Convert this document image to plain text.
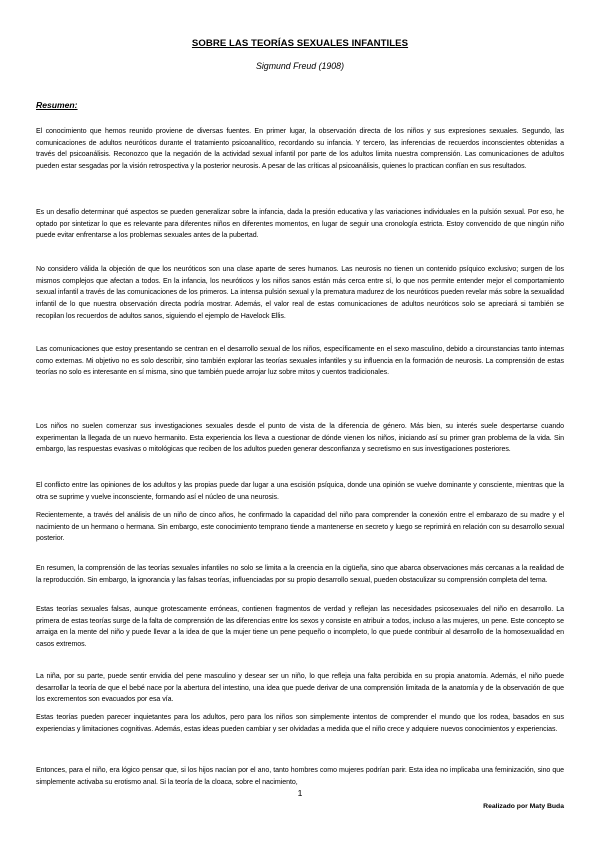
SOBRE LAS TEORÍAS SEXUALES INFANTILES
Sigmund Freud (1908)
Resumen:

El conocimiento que hemos reunido proviene de diversas fuentes. En primer lugar, la observación directa de los niños y sus expresiones sexuales. Segundo, las comunicaciones de adultos neuróticos durante el tratamiento psicoanalítico, recordando su infancia. Y tercero, las inferencias de recuerdos inconscientes obtenidas a través del psicoanálisis. Reconozco que la negación de la actividad sexual infantil por parte de los adultos limita nuestra comprensión. Las comunicaciones de adultos pueden estar sesgadas por la visión retrospectiva y la posterior neurosis. A pesar de las críticas al psicoanálisis, quienes lo practican confían en sus resultados.

Es un desafío determinar qué aspectos se pueden generalizar sobre la infancia, dada la presión educativa y las variaciones individuales en la pulsión sexual. Por eso, he optado por sintetizar lo que es relevante para diferentes niños en diferentes momentos, en lugar de seguir una cronología estricta. Estoy convencido de que ningún niño puede evitar enfrentarse a los problemas sexuales antes de la pubertad.

No considero válida la objeción de que los neuróticos son una clase aparte de seres humanos. Las neurosis no tienen un contenido psíquico exclusivo; surgen de los mismos complejos que afectan a todos. En la infancia, los neuróticos y los niños sanos están más cerca entre sí, lo que nos permite entender mejor el comportamiento sexual infantil a través de las comunicaciones de los primeros. La intensa pulsión sexual y la prematura madurez de los neuróticos pueden revelar más sobre la sexualidad infantil de lo que nuestra observación directa podría mostrar. Además, el valor real de estas comunicaciones de adultos neuróticos solo se apreciará si también se recopilan los recuerdos de adultos sanos, siguiendo el ejemplo de Havelock Ellis.

Las comunicaciones que estoy presentando se centran en el desarrollo sexual de los niños, específicamente en el sexo masculino, debido a circunstancias tanto internas como externas. Mi objetivo no es solo describir, sino también explorar las teorías sexuales infantiles y su influencia en la formación de neurosis. La comprensión de estas teorías no solo es interesante en sí misma, sino que también puede arrojar luz sobre mitos y cuentos tradicionales.

Los niños no suelen comenzar sus investigaciones sexuales desde el punto de vista de la diferencia de género. Más bien, su interés suele despertarse cuando experimentan la llegada de un nuevo hermanito. Esta experiencia los lleva a cuestionar de dónde vienen los niños, iniciando así su primer gran problema de la vida. Sin embargo, las respuestas evasivas o mitológicas que reciben de los adultos pueden generar desconfianza y secretismo en sus investigaciones posteriores.

El conflicto entre las opiniones de los adultos y las propias puede dar lugar a una escisión psíquica, donde una opinión se vuelve dominante y consciente, mientras que la otra se suprime y vuelve inconsciente, formando así el núcleo de una neurosis.

Recientemente, a través del análisis de un niño de cinco años, he confirmado la capacidad del niño para comprender la conexión entre el embarazo de su madre y el nacimiento de un hermano o hermana. Sin embargo, este conocimiento temprano tiende a mantenerse en secreto y luego se reprimirá en relación con su desarrollo sexual posterior.

En resumen, la comprensión de las teorías sexuales infantiles no solo se limita a la creencia en la cigüeña, sino que abarca observaciones más cercanas a la realidad de la reproducción. Sin embargo, la ignorancia y las falsas teorías, influenciadas por su propio desarrollo sexual, pueden obstaculizar su comprensión completa del tema.

Estas teorías sexuales falsas, aunque grotescamente erróneas, contienen fragmentos de verdad y reflejan las necesidades psicosexuales del niño en desarrollo. La primera de estas teorías surge de la falta de comprensión de las diferencias entre los sexos y consiste en atribuir a todos, incluso a las mujeres, un pene. Este concepto se arraiga en la mente del niño y puede llevar a la idea de que la mujer tiene un pene pequeño o incompleto, lo que puede contribuir al desarrollo de la homosexualidad en casos extremos.

La niña, por su parte, puede sentir envidia del pene masculino y desear ser un niño, lo que refleja una falta percibida en su propia anatomía. Además, el niño puede desarrollar la teoría de que el bebé nace por la abertura del intestino, una idea que puede derivar de una comprensión limitada de la anatomía y de la observación de que los excrementos son evacuados por esa vía.

Estas teorías pueden parecer inquietantes para los adultos, pero para los niños son simplemente intentos de comprender el mundo que los rodea, basados en sus experiencias y limitaciones cognitivas. Además, estas ideas pueden cambiar y ser olvidadas a medida que el niño crece y adquiere nuevos conocimientos y experiencias.

Entonces, para el niño, era lógico pensar que, si los hijos nacían por el ano, tanto hombres como mujeres podrían parir. Esta idea no implicaba una feminización, sino que simplemente activaba su erotismo anal. Si la teoría de la cloaca, sobre el nacimiento,

1
Realizado por Maty Buda
